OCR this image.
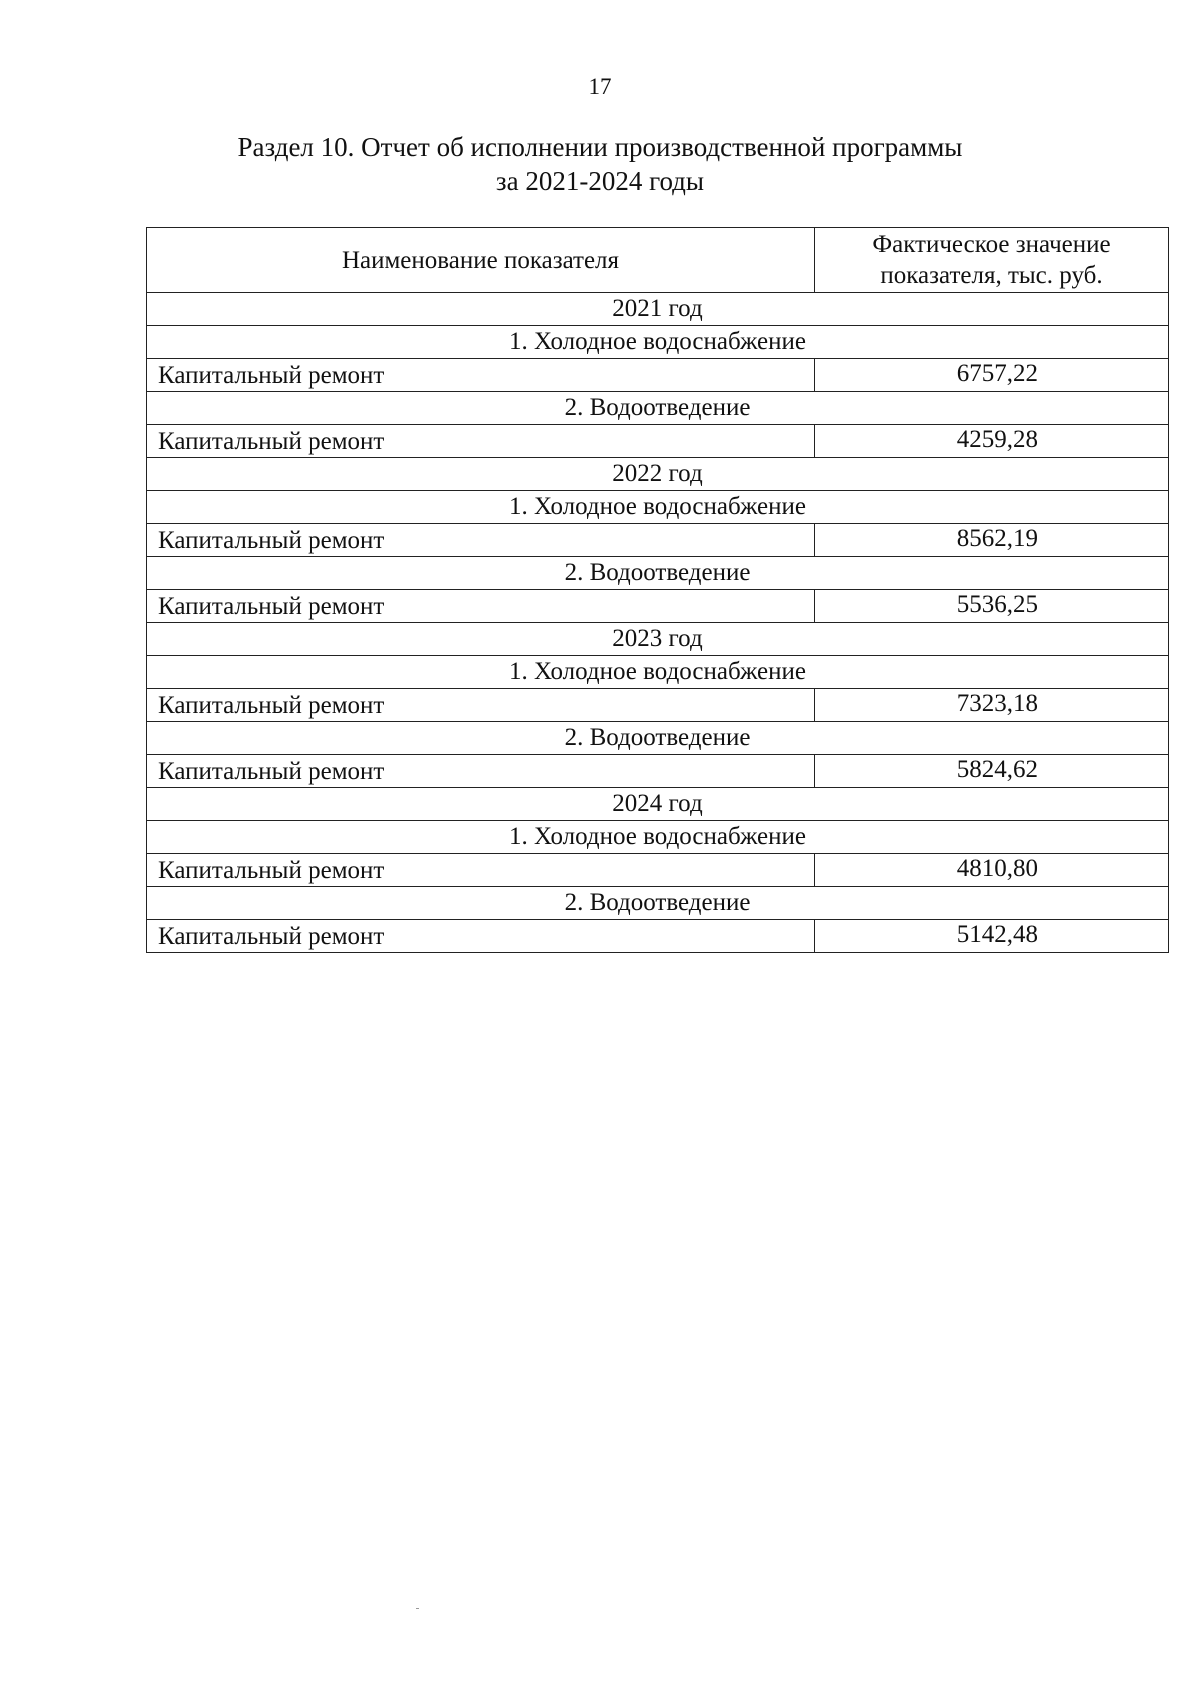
17
Раздел 10. Отчет об исполнении производственной программы
за 2021-2024 годы
Наименование показателя	Фактическое значение
показателя, тыс. руб.

2021 год	
1. Холодное водоснабжение	
Капитальный ремонт	6757,22
2. Водоотведение	
Капитальный ремонт	4259,28
2022 год	
1. Холодное водоснабжение	
Капитальный ремонт	8562,19
2. Водоотведение	
Капитальный ремонт	5536,25
2023 год	
1. Холодное водоснабжение	
Капитальный ремонт	7323,18
2. Водоотведение	
Капитальный ремонт	5824,62
2024 год	
1. Холодное водоснабжение	
Капитальный ремонт	4810,80
2. Водоотведение	
Капитальный ремонт	5142,48
